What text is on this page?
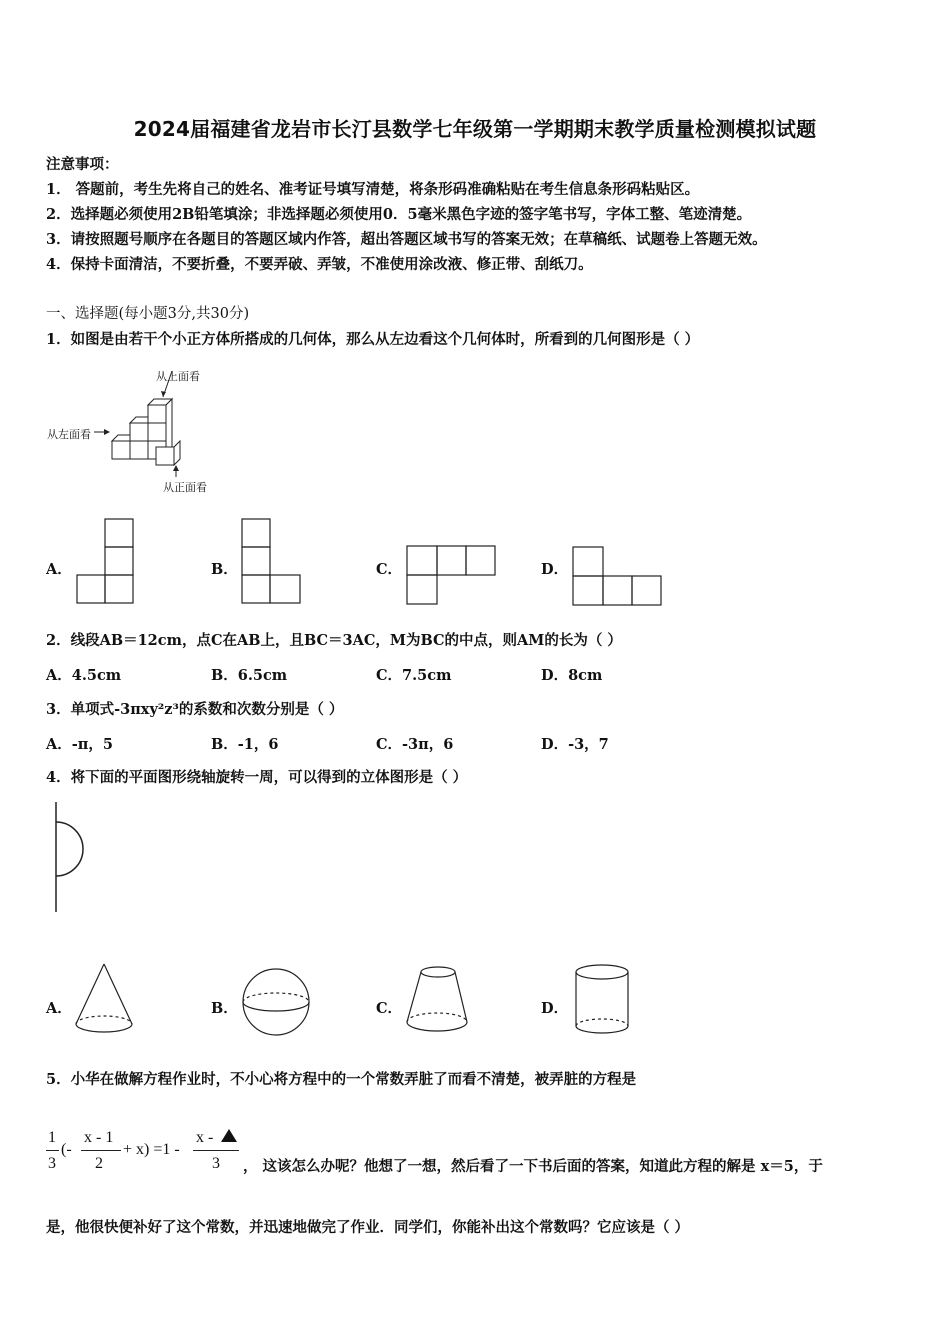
2024届福建省龙岩市长汀县数学七年级第一学期期末教学质量检测模拟试题
注意事项：
1． 答题前，考生先将自己的姓名、准考证号填写清楚，将条形码准确粘贴在考生信息条形码粘贴区。
2．选择题必须使用2B铅笔填涂；非选择题必须使用0．5毫米黑色字迹的签字笔书写，字体工整、笔迹清楚。
3．请按照题号顺序在各题目的答题区域内作答，超出答题区域书写的答案无效；在草稿纸、试题卷上答题无效。
4．保持卡面清洁，不要折叠，不要弄破、弄皱，不准使用涂改液、修正带、刮纸刀。
一、选择题(每小题3分,共30分)
1．如图是由若干个小正方体所搭成的几何体，那么从左边看这个几何体时，所看到的几何图形是（ ）
从上面看
从左面看
从正面看
A．	B．	C．	D．
2．线段AB＝12cm，点C在AB上，且BC＝3AC，M为BC的中点，则AM的长为（ ）
A．4.5cm	B．6.5cm	C．7.5cm	D．8cm
3．单项式-3πxy²z³的系数和次数分别是（ ）
A．-π，5	B．-1，6	C．-3π，6	D．-3，7
4．将下面的平面图形绕轴旋转一周，可以得到的立体图形是（ ）
A．	B．	C．	D．
5．小华在做解方程作业时，不小心将方程中的一个常数弄脏了而看不清楚，被弄脏的方程是
1
3
(-
x - 1
2
+ x) =1 -
x -
3 ， 这该怎么办呢？他想了一想，然后看了一下书后面的答案，知道此方程的解是 x＝5，于
是，他很快便补好了这个常数，并迅速地做完了作业．同学们，你能补出这个常数吗？它应该是（ ）
